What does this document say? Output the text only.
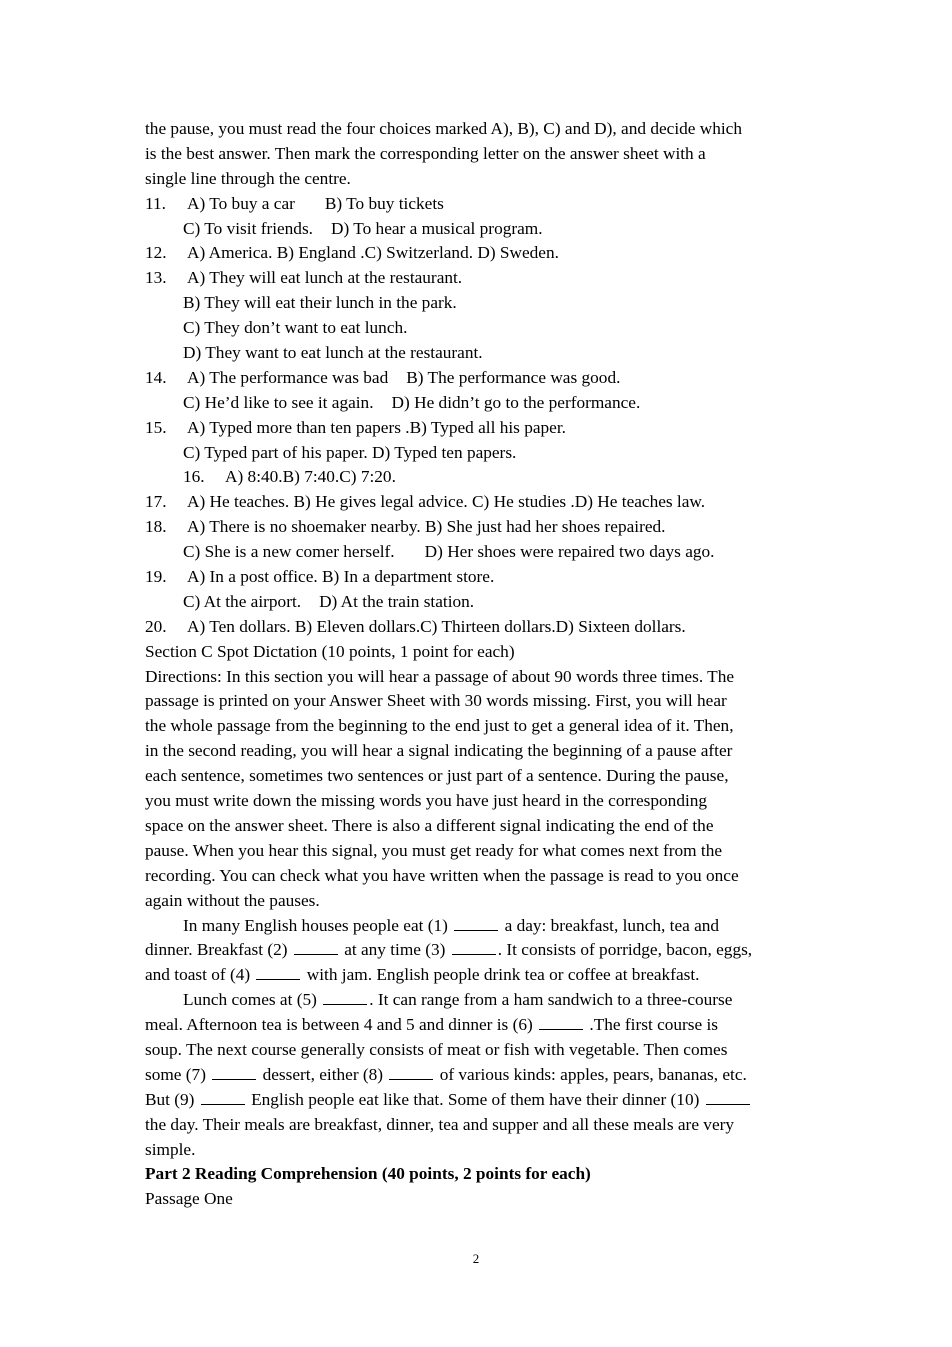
the pause, you must read the four choices marked A), B), C) and D), and decide which
is the best answer. Then mark the corresponding letter on the answer sheet with a
single line through the centre.
11. A) To buy a car B) To buy tickets
C) To visit friends. D) To hear a musical program.
12. A) America. B) England .C) Switzerland. D) Sweden.
13. A) They will eat lunch at the restaurant.
B) They will eat their lunch in the park.
C) They don’t want to eat lunch.
D) They want to eat lunch at the restaurant.
14. A) The performance was bad B) The performance was good.
C) He’d like to see it again. D) He didn’t go to the performance.
15. A) Typed more than ten papers .B) Typed all his paper.
C) Typed part of his paper. D) Typed ten papers.
16. A) 8:40.B) 7:40.C) 7:20.
17. A) He teaches. B) He gives legal advice. C) He studies .D) He teaches law.
18. A) There is no shoemaker nearby. B) She just had her shoes repaired.
C) She is a new comer herself. D) Her shoes were repaired two days ago.
19. A) In a post office. B) In a department store.
C) At the airport. D) At the train station.
20. A) Ten dollars. B) Eleven dollars.C) Thirteen dollars.D) Sixteen dollars.
Section C Spot Dictation (10 points, 1 point for each)
Directions: In this section you will hear a passage of about 90 words three times. The
passage is printed on your Answer Sheet with 30 words missing. First, you will hear
the whole passage from the beginning to the end just to get a general idea of it. Then,
in the second reading, you will hear a signal indicating the beginning of a pause after
each sentence, sometimes two sentences or just part of a sentence. During the pause,
you must write down the missing words you have just heard in the corresponding
space on the answer sheet. There is also a different signal indicating the end of the
pause. When you hear this signal, you must get ready for what comes next from the
recording. You can check what you have written when the passage is read to you once
again without the pauses.
In many English houses people eat (1)	a day: breakfast, lunch, tea and
dinner. Breakfast (2)	at any time (3)	. It consists of porridge, bacon, eggs,
and toast of (4)	with jam. English people drink tea or coffee at breakfast.
Lunch comes at (5)	. It can range from a ham sandwich to a three-course
meal. Afternoon tea is between 4 and 5 and dinner is (6)	.The first course is
soup. The next course generally consists of meat or fish with vegetable. Then comes
some (7)	dessert, either (8)	of various kinds: apples, pears, bananas, etc.
But (9)	English people eat like that. Some of them have their dinner (10)
the day. Their meals are breakfast, dinner, tea and supper and all these meals are very
simple.
Part 2 Reading Comprehension (40 points, 2 points for each)
Passage One
2
